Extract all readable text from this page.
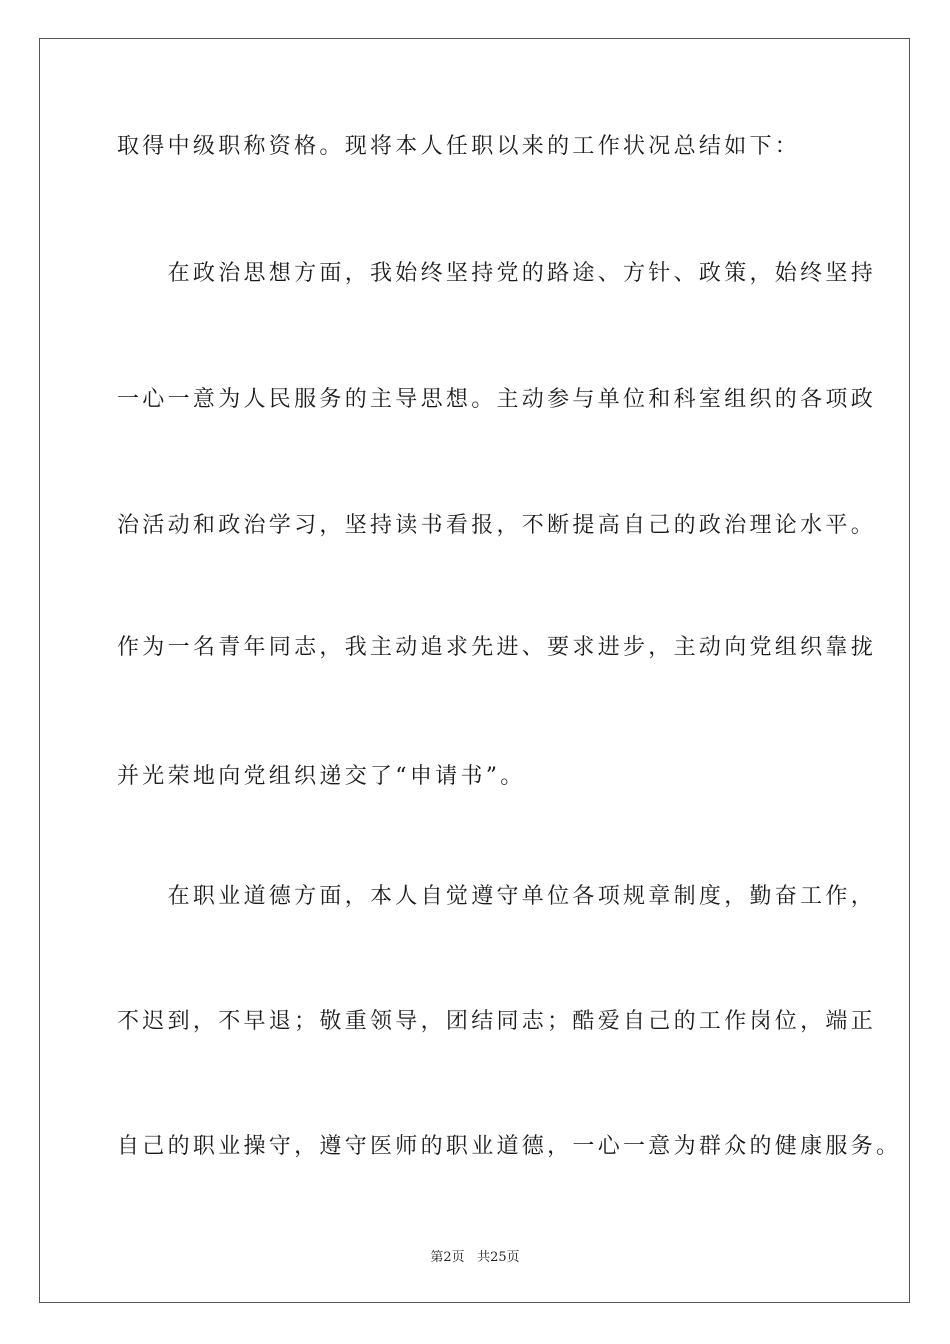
取得中级职称资格。现将本人任职以来的工作状况总结如下：
　　在政治思想方面，我始终坚持党的路途、方针、政策，始终坚持
一心一意为人民服务的主导思想。主动参与单位和科室组织的各项政
治活动和政治学习，坚持读书看报，不断提高自己的政治理论水平。
作为一名青年同志，我主动追求先进、要求进步，主动向党组织靠拢
并光荣地向党组织递交了“申请书”。
　　在职业道德方面，本人自觉遵守单位各项规章制度，勤奋工作，
不迟到，不早退；敬重领导，团结同志；酷爱自己的工作岗位，端正
自己的职业操守，遵守医师的职业道德，一心一意为群众的健康服务。
第2页 共25页
